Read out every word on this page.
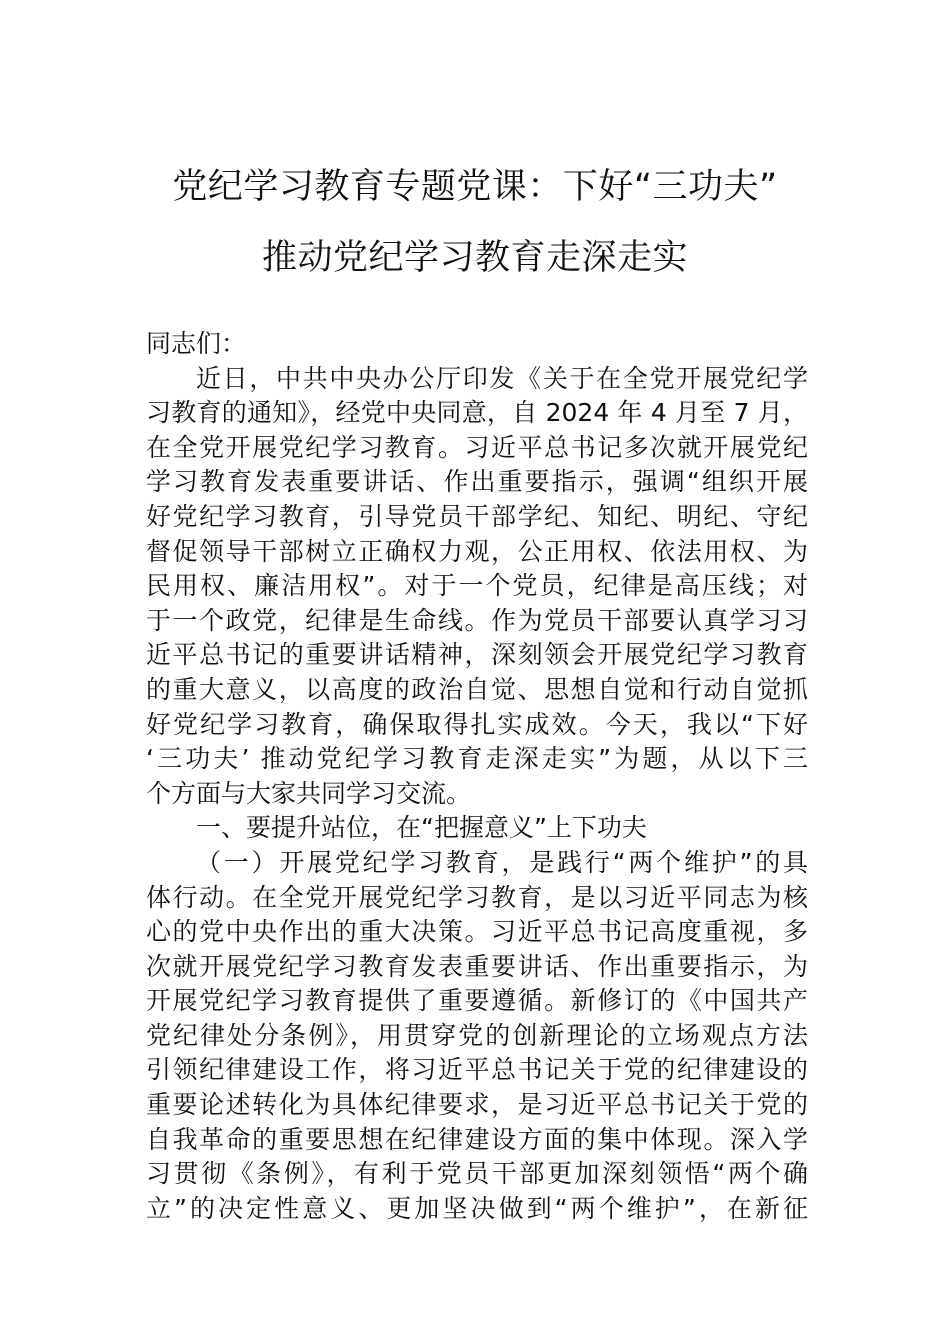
党纪学习教育专题党课：下好“三功夫”
推动党纪学习教育走深走实
同志们：
近日，中共中央办公厅印发《关于在全党开展党纪学
习教育的通知》，经党中央同意，自 2024 年 4 月至 7 月，
在全党开展党纪学习教育。习近平总书记多次就开展党纪
学习教育发表重要讲话、作出重要指示，强调“组织开展
好党纪学习教育，引导党员干部学纪、知纪、明纪、守纪
督促领导干部树立正确权力观，公正用权、依法用权、为
民用权、廉洁用权”。对于一个党员，纪律是高压线；对
于一个政党，纪律是生命线。作为党员干部要认真学习习
近平总书记的重要讲话精神，深刻领会开展党纪学习教育
的重大意义，以高度的政治自觉、思想自觉和行动自觉抓
好党纪学习教育，确保取得扎实成效。今天，我以“下好
‘三功夫’ 推动党纪学习教育走深走实”为题，从以下三
个方面与大家共同学习交流。
一、要提升站位，在“把握意义”上下功夫
（一）开展党纪学习教育，是践行“两个维护”的具
体行动。在全党开展党纪学习教育，是以习近平同志为核
心的党中央作出的重大决策。习近平总书记高度重视，多
次就开展党纪学习教育发表重要讲话、作出重要指示，为
开展党纪学习教育提供了重要遵循。新修订的《中国共产
党纪律处分条例》，用贯穿党的创新理论的立场观点方法
引领纪律建设工作，将习近平总书记关于党的纪律建设的
重要论述转化为具体纪律要求，是习近平总书记关于党的
自我革命的重要思想在纪律建设方面的集中体现。深入学
习贯彻《条例》，有利于党员干部更加深刻领悟“两个确
立”的决定性意义、更加坚决做到“两个维护”，在新征
